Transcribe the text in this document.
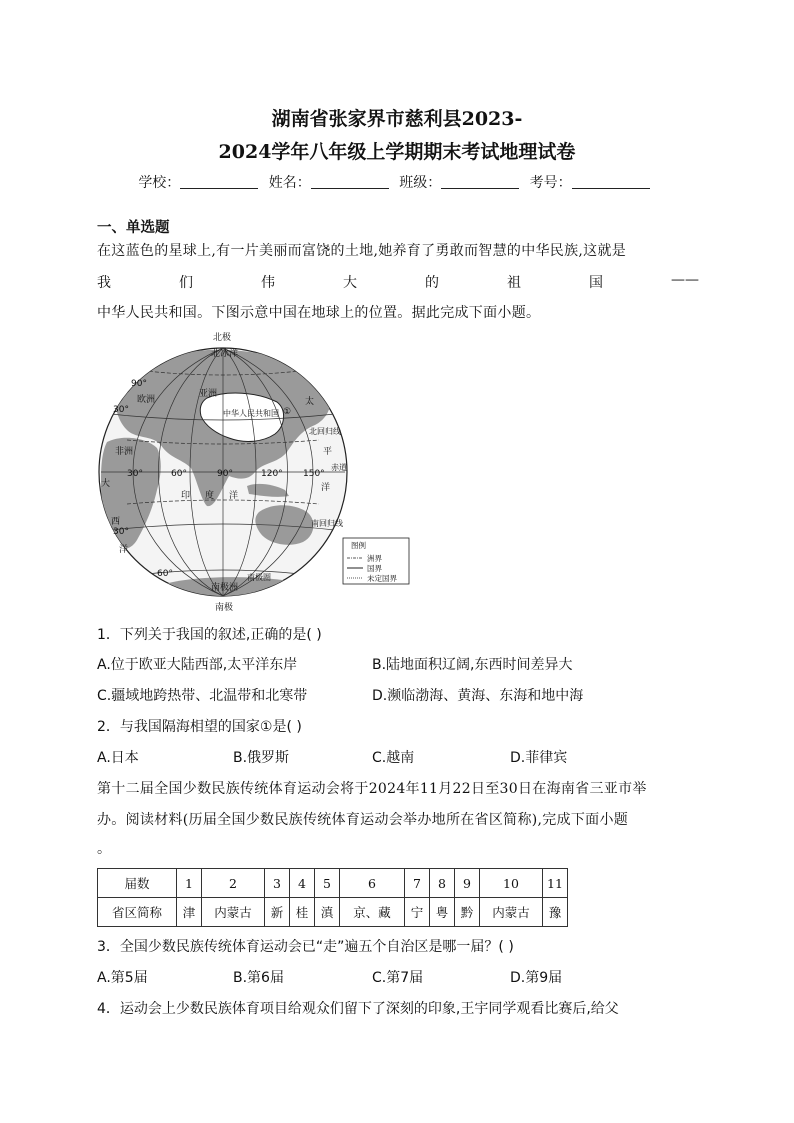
湖南省张家界市慈利县2023-
2024学年八年级上学期期末考试地理试卷
学校：	姓名：	班级：	考号：
一、单选题
在这蓝色的星球上,有一片美丽而富饶的土地,她养育了勇敢而智慧的中华民族,这就是
我	们	伟	大	的	祖	国	——
中华人民共和国。下图示意中国在地球上的位置。据此完成下面小题。
北极
北冰洋
90°
欧洲
亚洲
30°	中华人民共和国 ①
太
北回归线
非洲	平
30°	60°	90°	120° 150°
赤道
洋
大
印 度 洋
西	南回归线
30°
洋
60°	南极圈
南极洲
南极
图例
洲界
国界
未定国界
1．下列关于我国的叙述,正确的是( )
A.位于欧亚大陆西部,太平洋东岸	B.陆地面积辽阔,东西时间差异大
C.疆域地跨热带、北温带和北寒带	D.濒临渤海、黄海、东海和地中海
2．与我国隔海相望的国家①是( )
A.日本	B.俄罗斯	C.越南	D.菲律宾
第十二届全国少数民族传统体育运动会将于2024年11月22日至30日在海南省三亚市举
办。阅读材料(历届全国少数民族传统体育运动会举办地所在省区简称),完成下面小题
。
届数	1	2	3	4	5	6	7	8	9	10	11
省区简称	津	内蒙古	新	桂	滇	京、藏	宁	粤	黔	内蒙古	豫
3．全国少数民族传统体育运动会已“走”遍五个自治区是哪一届？( )
A.第5届	B.第6届	C.第7届	D.第9届
4．运动会上少数民族体育项目给观众们留下了深刻的印象,王宇同学观看比赛后,给父
